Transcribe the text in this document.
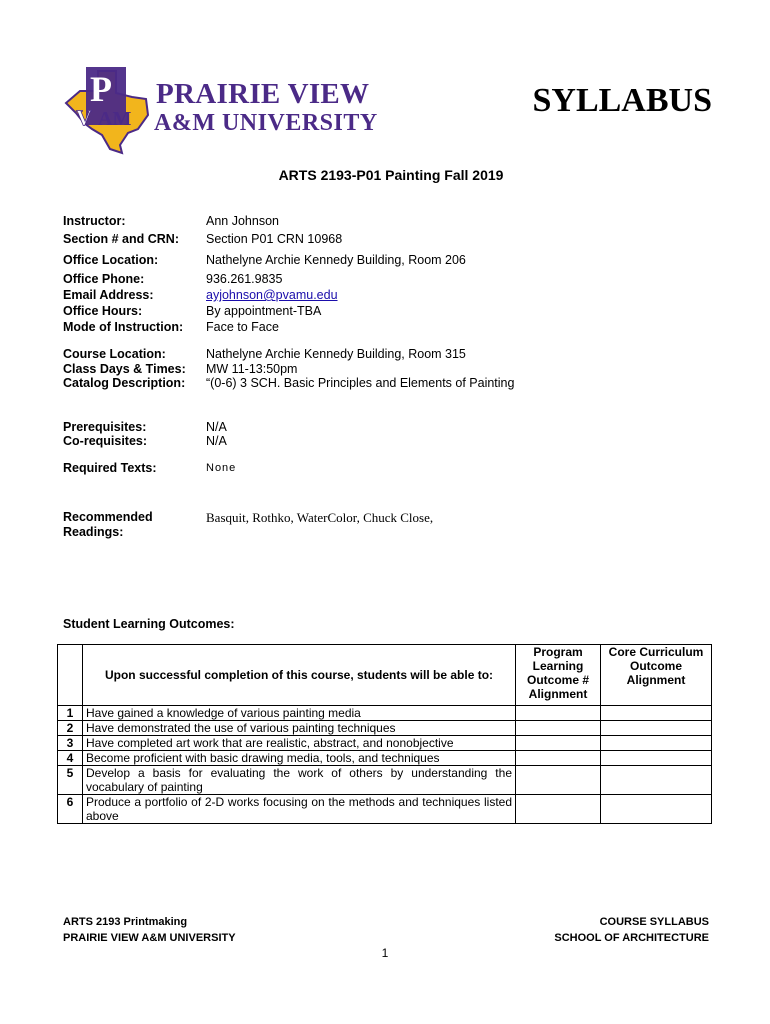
P
V AM
PRAIRIE VIEW
A&M UNIVERSITY
SYLLABUS
ARTS 2193-P01 Painting Fall 2019
Instructor:	Ann Johnson
Section # and CRN:	Section P01 CRN 10968
Office Location:	Nathelyne Archie Kennedy Building, Room 206
Office Phone:	936.261.9835
Email Address:	ayjohnson@pvamu.edu
Office Hours:	By appointment-TBA
Mode of Instruction:	Face to Face
Course Location:	Nathelyne Archie Kennedy Building, Room 315
Class Days & Times:	MW 11-13:50pm
Catalog Description:	“(0-6) 3 SCH. Basic Principles and Elements of Painting
Prerequisites:	N/A
Co-requisites:	N/A
Required Texts:	None
Recommended	Basquit, Rothko, WaterColor, Chuck Close,
Readings:
Student Learning Outcomes:
	Upon successful completion of this course, students will be able to:	Program Learning Outcome # Alignment	Core Curriculum Outcome Alignment
1	Have gained a knowledge of various painting media		
2	Have demonstrated the use of various painting techniques		
3	Have completed art work that are realistic, abstract, and nonobjective		
4	Become proficient with basic drawing media, tools, and techniques		
5	Develop a basis for evaluating the work of others by understanding the vocabulary of painting		
6	Produce a portfolio of 2-D works focusing on the methods and techniques listed above		
ARTS 2193 Printmaking
PRAIRIE VIEW A&M UNIVERSITY
COURSE SYLLABUS
SCHOOL OF ARCHITECTURE
1
